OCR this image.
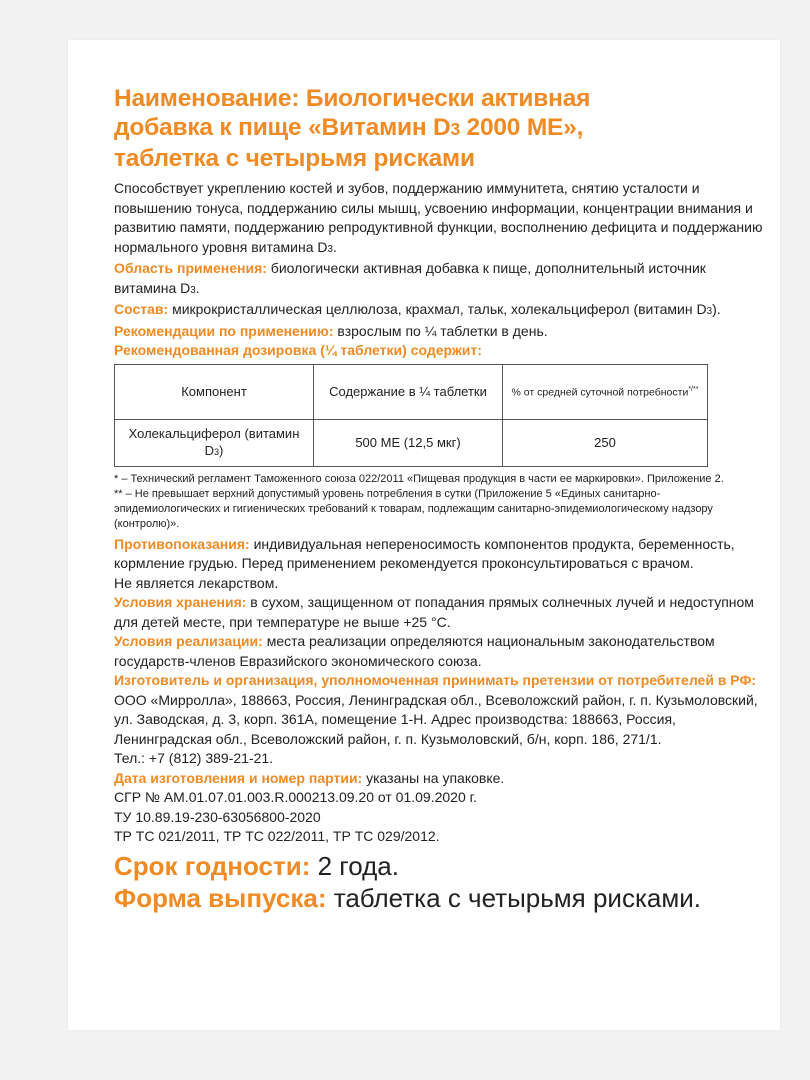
Наименование: Биологически активная
добавка к пище «Витамин D3 2000 МЕ»,
таблетка с четырьмя рисками

Способствует укреплению костей и зубов, поддержанию иммунитета, снятию усталости и повышению тонуса, поддержанию силы мышц, усвоению информации, концентрации внимания и развитию памяти, поддержанию репродуктивной функции, восполнению дефицита и поддержанию нормального уровня витамина D3.

Область применения: биологически активная добавка к пище, дополнительный источник витамина D3.

Состав: микрокристаллическая целлюлоза, крахмал, тальк, холекальциферол (витамин D3).

Рекомендации по применению: взрослым по ¼ таблетки в день.

Рекомендованная дозировка (¼ таблетки) содержит:

Компонент	Содержание в ¼ таблетки	% от средней суточной потребности*/**
Холекальциферол (витамин D3)	500 МЕ (12,5 мкг)	250

* – Технический регламент Таможенного союза 022/2011 «Пищевая продукция в части ее маркировки». Приложение 2.

** – Не превышает верхний допустимый уровень потребления в сутки (Приложение 5 «Единых санитарно-эпидемиологических и гигиенических требований к товарам, подлежащим санитарно-эпидемиологическому надзору (контролю)».

Противопоказания: индивидуальная непереносимость компонентов продукта, беременность, кормление грудью. Перед применением рекомендуется проконсультироваться с врачом.

Не является лекарством.

Условия хранения: в сухом, защищенном от попадания прямых солнечных лучей и недоступном для детей месте, при температуре не выше +25 °С.

Условия реализации: места реализации определяются национальным законодательством государств-членов Евразийского экономического союза.

Изготовитель и организация, уполномоченная принимать претензии от потребителей в РФ: ООО «Мирролла», 188663, Россия, Ленинградская обл., Всеволожский район, г. п. Кузьмоловский, ул. Заводская, д. 3, корп. 361А, помещение 1-Н. Адрес производства: 188663, Россия, Ленинградская обл., Всеволожский район, г. п. Кузьмоловский, б/н, корп. 186, 271/1.

Тел.: +7 (812) 389-21-21.

Дата изготовления и номер партии: указаны на упаковке.

СГР № AM.01.07.01.003.R.000213.09.20 от 01.09.2020 г.

ТУ 10.89.19-230-63056800-2020

ТР ТС 021/2011, ТР ТС 022/2011, ТР ТС 029/2012.

Срок годности: 2 года.

Форма выпуска: таблетка с четырьмя рисками.
